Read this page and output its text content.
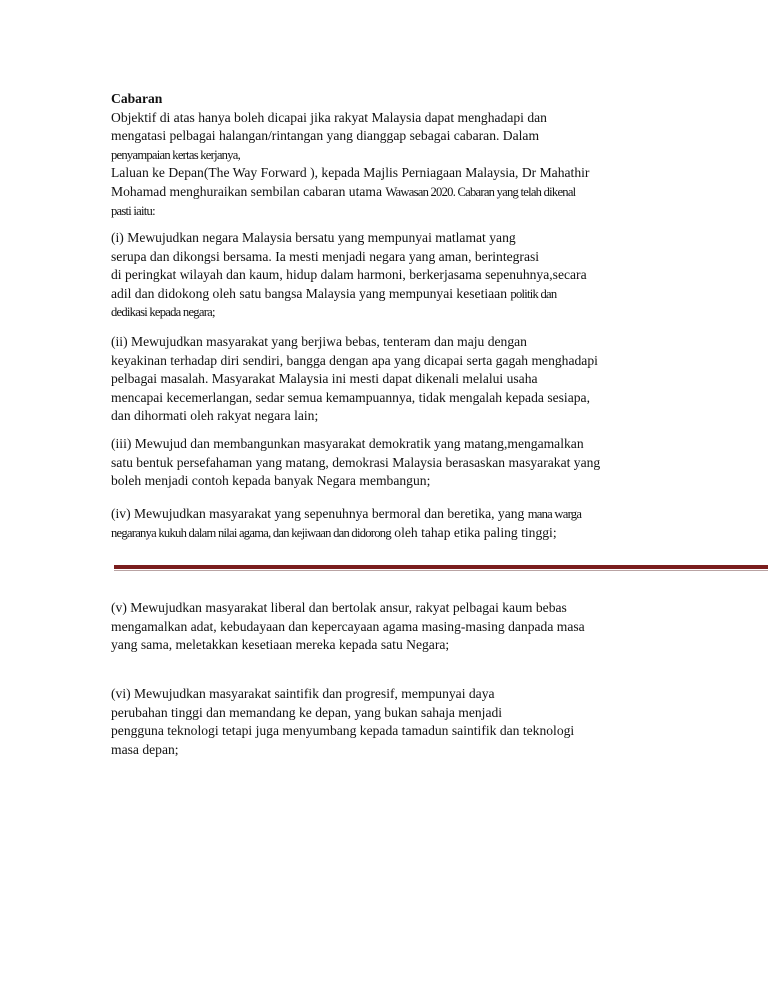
Cabaran
Objektif di atas hanya boleh dicapai jika rakyat Malaysia dapat menghadapi dan
mengatasi pelbagai halangan/rintangan yang dianggap sebagai cabaran. Dalam
penyampaian kertas kerjanya,
Laluan ke Depan(The Way Forward ), kepada Majlis Perniagaan Malaysia, Dr Mahathir
Mohamad menghuraikan sembilan cabaran utama Wawasan 2020. Cabaran yang telah dikenal
pasti iaitu:
(i) Mewujudkan negara Malaysia bersatu yang mempunyai matlamat yang
serupa dan dikongsi bersama. Ia mesti menjadi negara yang aman, berintegrasi
di peringkat wilayah dan kaum, hidup dalam harmoni, berkerjasama sepenuhnya,secara
adil dan didokong oleh satu bangsa Malaysia yang mempunyai kesetiaan politik dan
dedikasi kepada negara;
(ii) Mewujudkan masyarakat yang berjiwa bebas, tenteram dan maju dengan
keyakinan terhadap diri sendiri, bangga dengan apa yang dicapai serta gagah menghadapi
pelbagai masalah. Masyarakat Malaysia ini mesti dapat dikenali melalui usaha
mencapai kecemerlangan, sedar semua kemampuannya, tidak mengalah kepada sesiapa,
dan dihormati oleh rakyat negara lain;
(iii) Mewujud dan membangunkan masyarakat demokratik yang matang,mengamalkan
satu bentuk persefahaman yang matang, demokrasi Malaysia berasaskan masyarakat yang
boleh menjadi contoh kepada banyak Negara membangun;
(iv) Mewujudkan masyarakat yang sepenuhnya bermoral dan beretika, yang mana warga
negaranya kukuh dalam nilai agama, dan kejiwaan dan didorong oleh tahap etika paling tinggi;
(v) Mewujudkan masyarakat liberal dan bertolak ansur, rakyat pelbagai kaum bebas
mengamalkan adat, kebudayaan dan kepercayaan agama masing-masing danpada masa
yang sama, meletakkan kesetiaan mereka kepada satu Negara;
(vi) Mewujudkan masyarakat saintifik dan progresif, mempunyai daya
perubahan tinggi dan memandang ke depan, yang bukan sahaja menjadi
pengguna teknologi tetapi juga menyumbang kepada tamadun saintifik dan teknologi
masa depan;
